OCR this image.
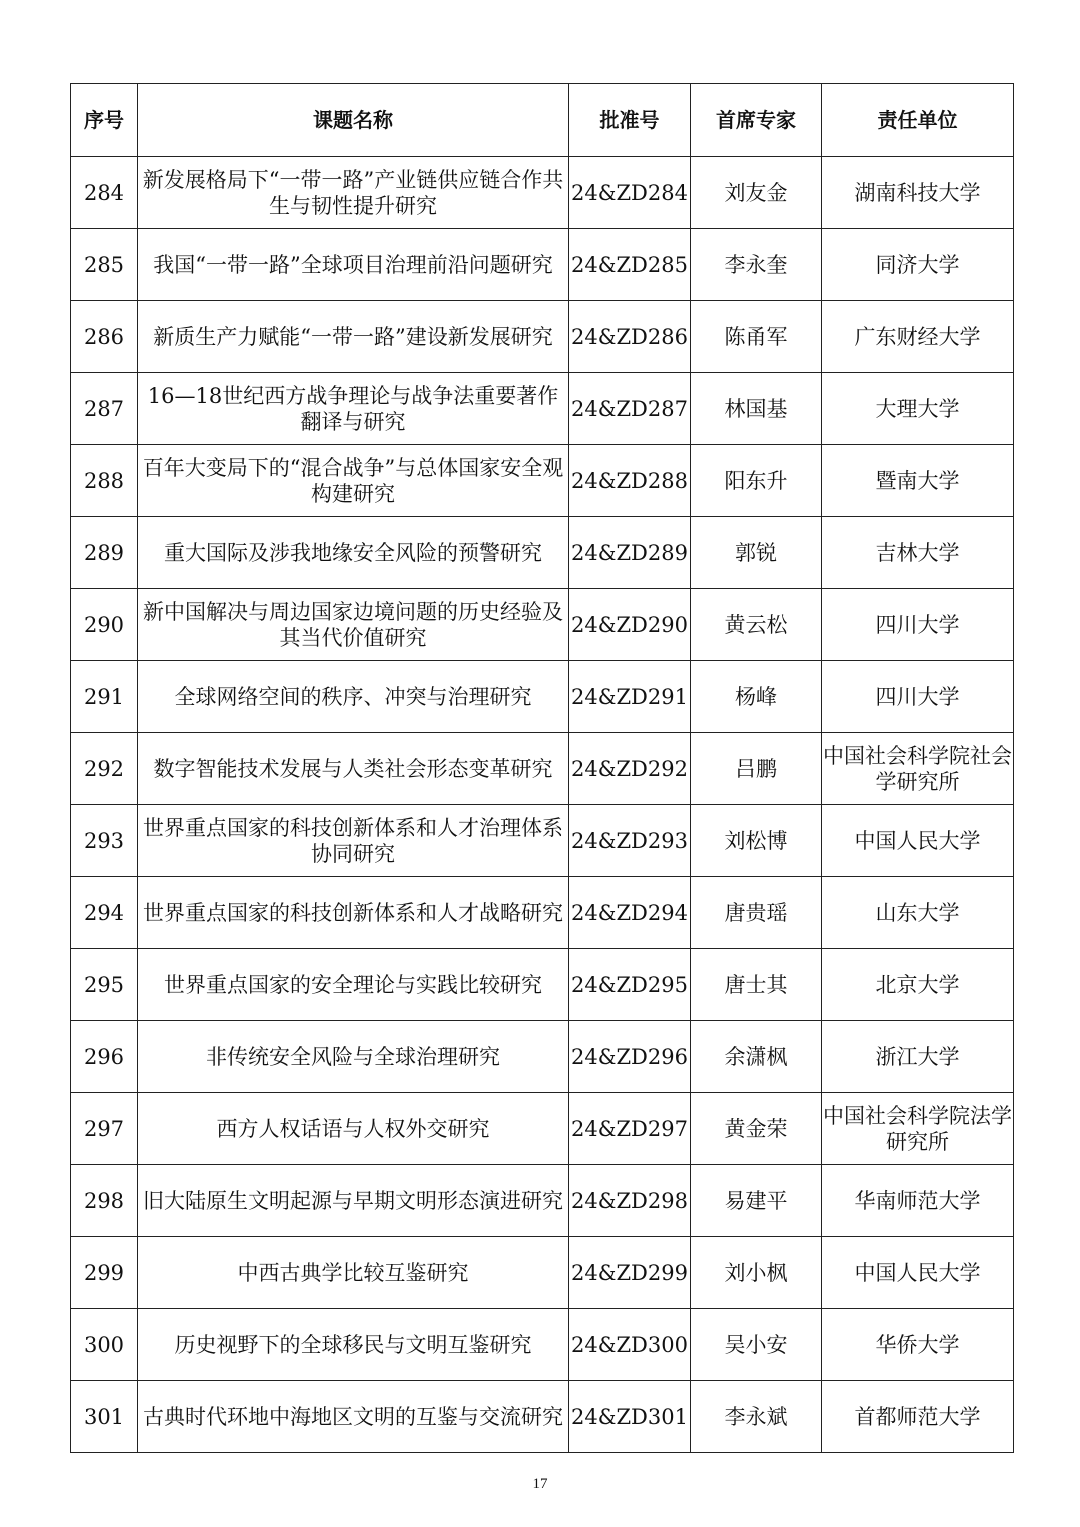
序号	课题名称	批准号	首席专家	责任单位
284	新发展格局下“一带一路”产业链供应链合作共生与韧性提升研究	24&ZD284	刘友金	湖南科技大学
285	我国“一带一路”全球项目治理前沿问题研究	24&ZD285	李永奎	同济大学
286	新质生产力赋能“一带一路”建设新发展研究	24&ZD286	陈甬军	广东财经大学
287	16—18世纪西方战争理论与战争法重要著作翻译与研究	24&ZD287	林国基	大理大学
288	百年大变局下的“混合战争”与总体国家安全观构建研究	24&ZD288	阳东升	暨南大学
289	重大国际及涉我地缘安全风险的预警研究	24&ZD289	郭锐	吉林大学
290	新中国解决与周边国家边境问题的历史经验及其当代价值研究	24&ZD290	黄云松	四川大学
291	全球网络空间的秩序、冲突与治理研究	24&ZD291	杨峰	四川大学
292	数字智能技术发展与人类社会形态变革研究	24&ZD292	吕鹏	中国社会科学院社会学研究所
293	世界重点国家的科技创新体系和人才治理体系协同研究	24&ZD293	刘松博	中国人民大学
294	世界重点国家的科技创新体系和人才战略研究	24&ZD294	唐贵瑶	山东大学
295	世界重点国家的安全理论与实践比较研究	24&ZD295	唐士其	北京大学
296	非传统安全风险与全球治理研究	24&ZD296	余潇枫	浙江大学
297	西方人权话语与人权外交研究	24&ZD297	黄金荣	中国社会科学院法学研究所
298	旧大陆原生文明起源与早期文明形态演进研究	24&ZD298	易建平	华南师范大学
299	中西古典学比较互鉴研究	24&ZD299	刘小枫	中国人民大学
300	历史视野下的全球移民与文明互鉴研究	24&ZD300	吴小安	华侨大学
301	古典时代环地中海地区文明的互鉴与交流研究	24&ZD301	李永斌	首都师范大学
17
